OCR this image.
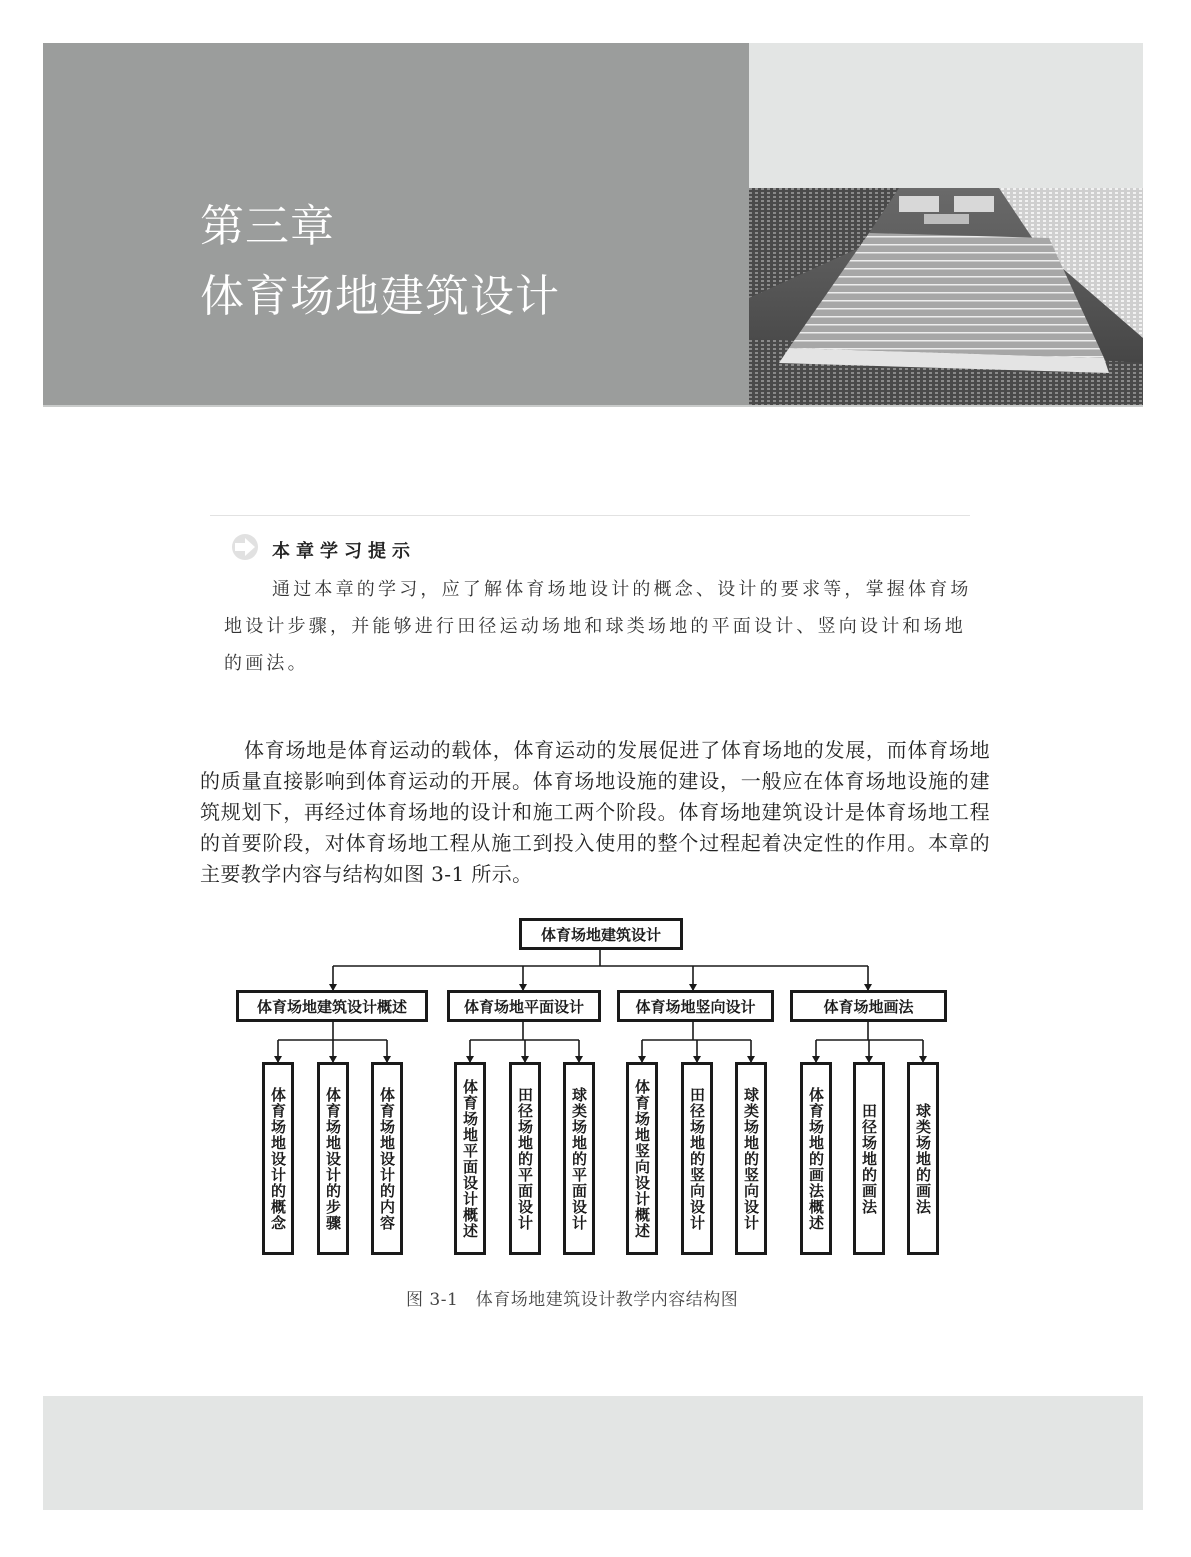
第三章
体育场地建筑设计
本章学习提示

通过本章的学习，应了解体育场地设计的概念、设计的要求等，掌握体育场地设计步骤，并能够进行田径运动场地和球类场地的平面设计、竖向设计和场地的画法。

体育场地是体育运动的载体，体育运动的发展促进了体育场地的发展，而体育场地的质量直接影响到体育运动的开展。体育场地设施的建设，一般应在体育场地设施的建筑规划下，再经过体育场地的设计和施工两个阶段。体育场地建筑设计是体育场地工程的首要阶段，对体育场地工程从施工到投入使用的整个过程起着决定性的作用。本章的主要教学内容与结构如图 3-1 所示。

体育场地建筑设计
体育场地建筑设计概述	体育场地平面设计	体育场地竖向设计	体育场地画法
体育场地设计的概念 体育场地设计的步骤 体育场地设计的内容	体育场地平面设计概述 田径场地的平面设计 球类场地的平面设计	体育场地竖向设计概述 田径场地的竖向设计 球类场地的竖向设计	体育场地的画法概述 田径场地的画法 球类场地的画法
图 3-1　体育场地建筑设计教学内容结构图
